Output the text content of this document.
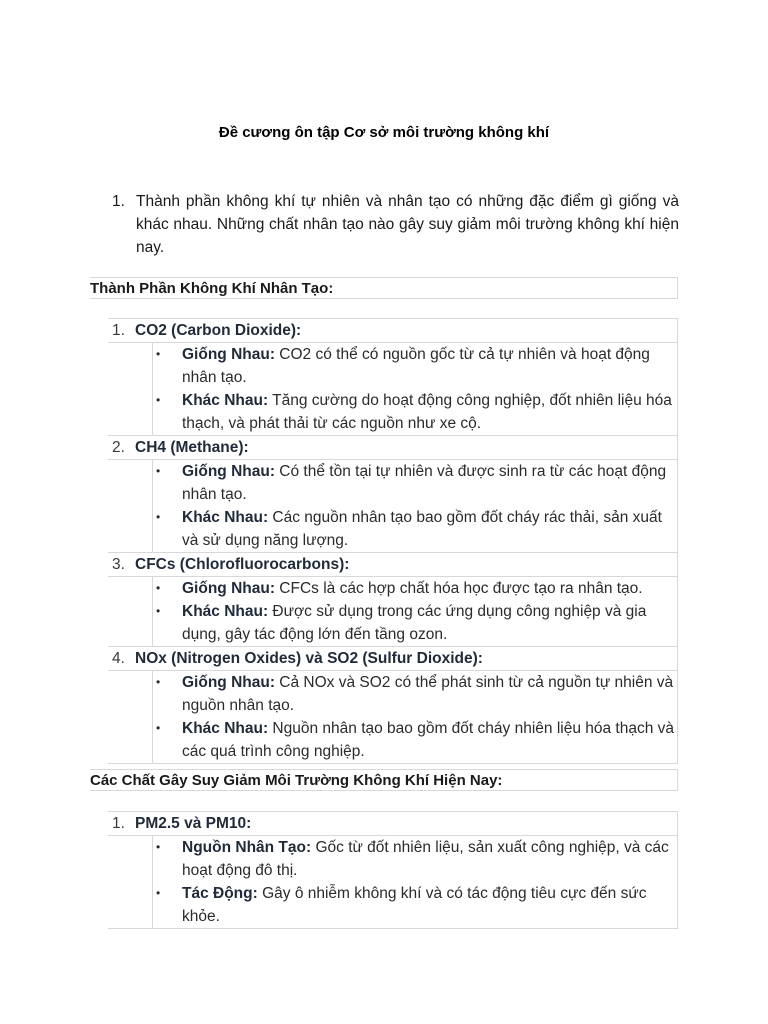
Đề cương ôn tập Cơ sở môi trường không khí
1. Thành phần không khí tự nhiên và nhân tạo có những đặc điểm gì giống và khác nhau. Những chất nhân tạo nào gây suy giảm môi trường không khí hiện nay.
Thành Phần Không Khí Nhân Tạo:
1. CO2 (Carbon Dioxide):
• Giống Nhau: CO2 có thể có nguồn gốc từ cả tự nhiên và hoạt động nhân tạo.
• Khác Nhau: Tăng cường do hoạt động công nghiệp, đốt nhiên liệu hóa thạch, và phát thải từ các nguồn như xe cộ.
2. CH4 (Methane):
• Giống Nhau: Có thể tồn tại tự nhiên và được sinh ra từ các hoạt động nhân tạo.
• Khác Nhau: Các nguồn nhân tạo bao gồm đốt cháy rác thải, sản xuất và sử dụng năng lượng.
3. CFCs (Chlorofluorocarbons):
• Giống Nhau: CFCs là các hợp chất hóa học được tạo ra nhân tạo.
• Khác Nhau: Được sử dụng trong các ứng dụng công nghiệp và gia dụng, gây tác động lớn đến tầng ozon.
4. NOx (Nitrogen Oxides) và SO2 (Sulfur Dioxide):
• Giống Nhau: Cả NOx và SO2 có thể phát sinh từ cả nguồn tự nhiên và nguồn nhân tạo.
• Khác Nhau: Nguồn nhân tạo bao gồm đốt cháy nhiên liệu hóa thạch và các quá trình công nghiệp.
Các Chất Gây Suy Giảm Môi Trường Không Khí Hiện Nay:
1. PM2.5 và PM10:
• Nguồn Nhân Tạo: Gốc từ đốt nhiên liệu, sản xuất công nghiệp, và các hoạt động đô thị.
• Tác Động: Gây ô nhiễm không khí và có tác động tiêu cực đến sức khỏe.
